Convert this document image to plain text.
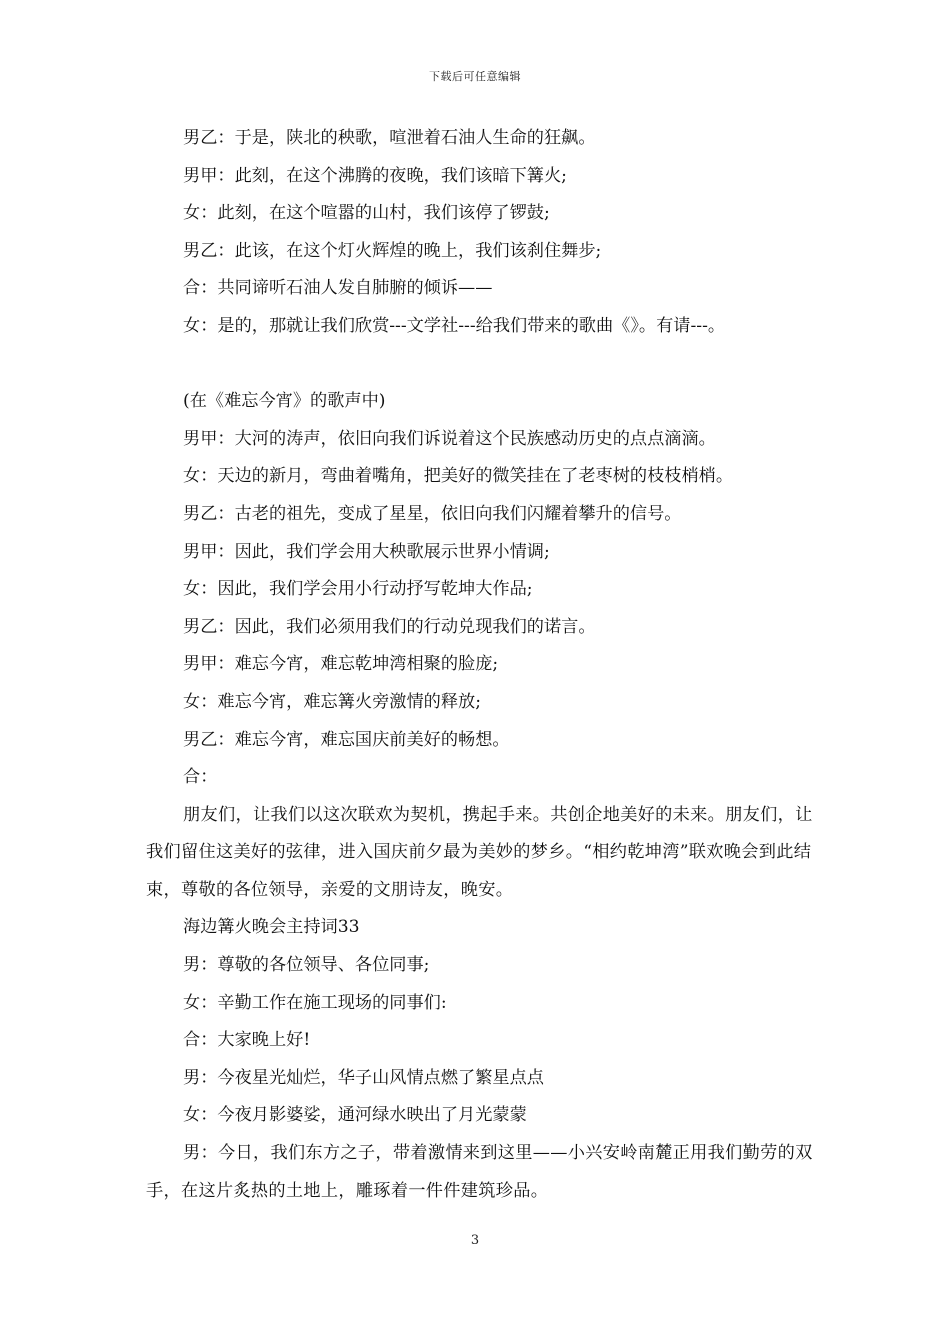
下载后可任意编辑

男乙：于是，陕北的秧歌，喧泄着石油人生命的狂飙。

男甲：此刻，在这个沸腾的夜晚，我们该暗下篝火;

女：此刻，在这个喧嚣的山村，我们该停了锣鼓;

男乙：此该，在这个灯火辉煌的晚上，我们该刹住舞步;

合：共同谛听石油人发自肺腑的倾诉——

女：是的，那就让我们欣赏---文学社---给我们带来的歌曲《》。有请---。

(在《难忘今宵》的歌声中)

男甲：大河的涛声，依旧向我们诉说着这个民族感动历史的点点滴滴。

女：天边的新月，弯曲着嘴角，把美好的微笑挂在了老枣树的枝枝梢梢。

男乙：古老的祖先，变成了星星，依旧向我们闪耀着攀升的信号。

男甲：因此，我们学会用大秧歌展示世界小情调;

女：因此，我们学会用小行动抒写乾坤大作品;

男乙：因此，我们必须用我们的行动兑现我们的诺言。

男甲：难忘今宵，难忘乾坤湾相聚的脸庞;

女：难忘今宵，难忘篝火旁激情的释放;

男乙：难忘今宵，难忘国庆前美好的畅想。

合：

朋友们，让我们以这次联欢为契机，携起手来。共创企地美好的未来。朋友们，让我们留住这美好的弦律，进入国庆前夕最为美妙的梦乡。“相约乾坤湾”联欢晚会到此结束，尊敬的各位领导，亲爱的文朋诗友，晚安。

海边篝火晚会主持词33

男：尊敬的各位领导、各位同事;

女：辛勤工作在施工现场的同事们:

合：大家晚上好!

男：今夜星光灿烂，华子山风情点燃了繁星点点

女：今夜月影婆娑，通河绿水映出了月光蒙蒙

男：今日，我们东方之子，带着激情来到这里——小兴安岭南麓正用我们勤劳的双手，在这片炙热的土地上，雕琢着一件件建筑珍品。

3
